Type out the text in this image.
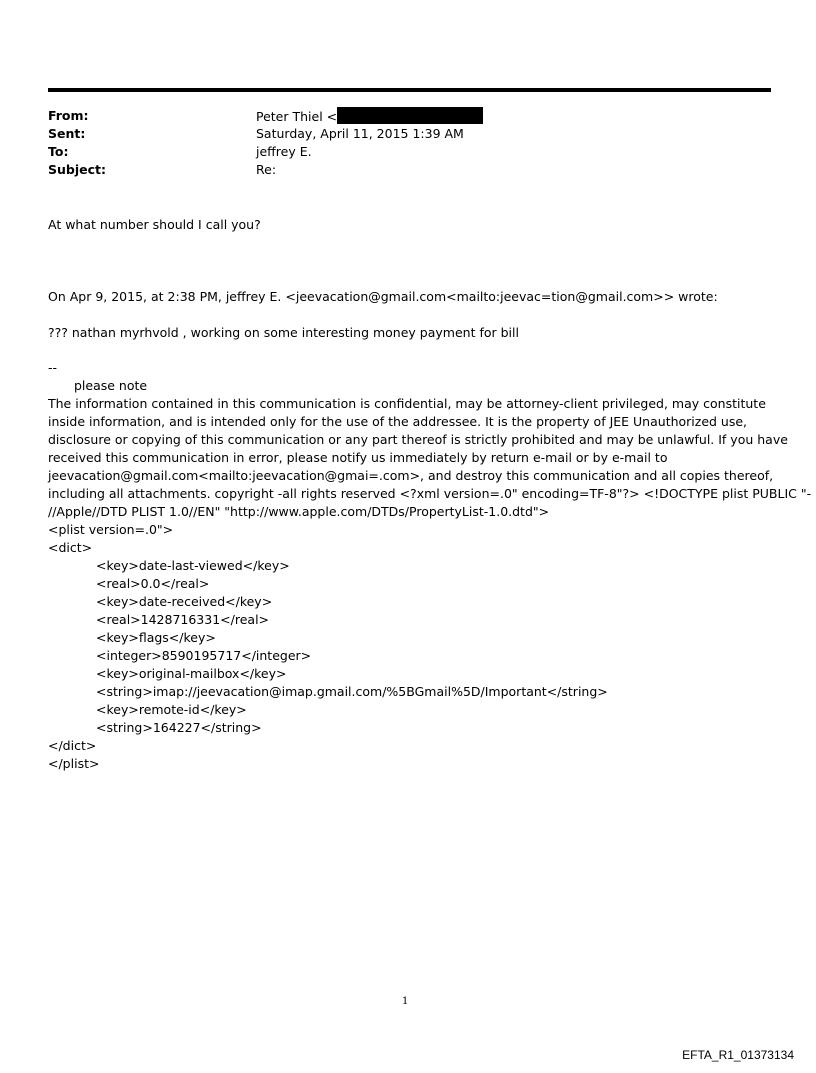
From:	Peter Thiel <
Sent:	Saturday, April 11, 2015 1:39 AM
To:	jeffrey E.
Subject:	Re:
At what number should I call you?
On Apr 9, 2015, at 2:38 PM, jeffrey E. <jeevacation@gmail.com<mailto:jeevac=tion@gmail.com>> wrote:
??? nathan myrhvold , working on some interesting money payment for bill
--
please note
The information contained in this communication is confidential, may be attorney-client privileged, may constitute
inside information, and is intended only for the use of the addressee. It is the property of JEE Unauthorized use,
disclosure or copying of this communication or any part thereof is strictly prohibited and may be unlawful. If you have
received this communication in error, please notify us immediately by return e-mail or by e-mail to
jeevacation@gmail.com<mailto:jeevacation@gmai=.com>, and destroy this communication and all copies thereof,
including all attachments. copyright -all rights reserved <?xml version=.0" encoding=TF-8"?> <!DOCTYPE plist PUBLIC "-
//Apple//DTD PLIST 1.0//EN" "http://www.apple.com/DTDs/PropertyList-1.0.dtd">
<plist version=.0">
<dict>
<key>date-last-viewed</key>
<real>0.0</real>
<key>date-received</key>
<real>1428716331</real>
<key>flags</key>
<integer>8590195717</integer>
<key>original-mailbox</key>
<string>imap://jeevacation@imap.gmail.com/%5BGmail%5D/Important</string>
<key>remote-id</key>
<string>164227</string>
</dict>
</plist>
1
EFTA_R1_01373134
